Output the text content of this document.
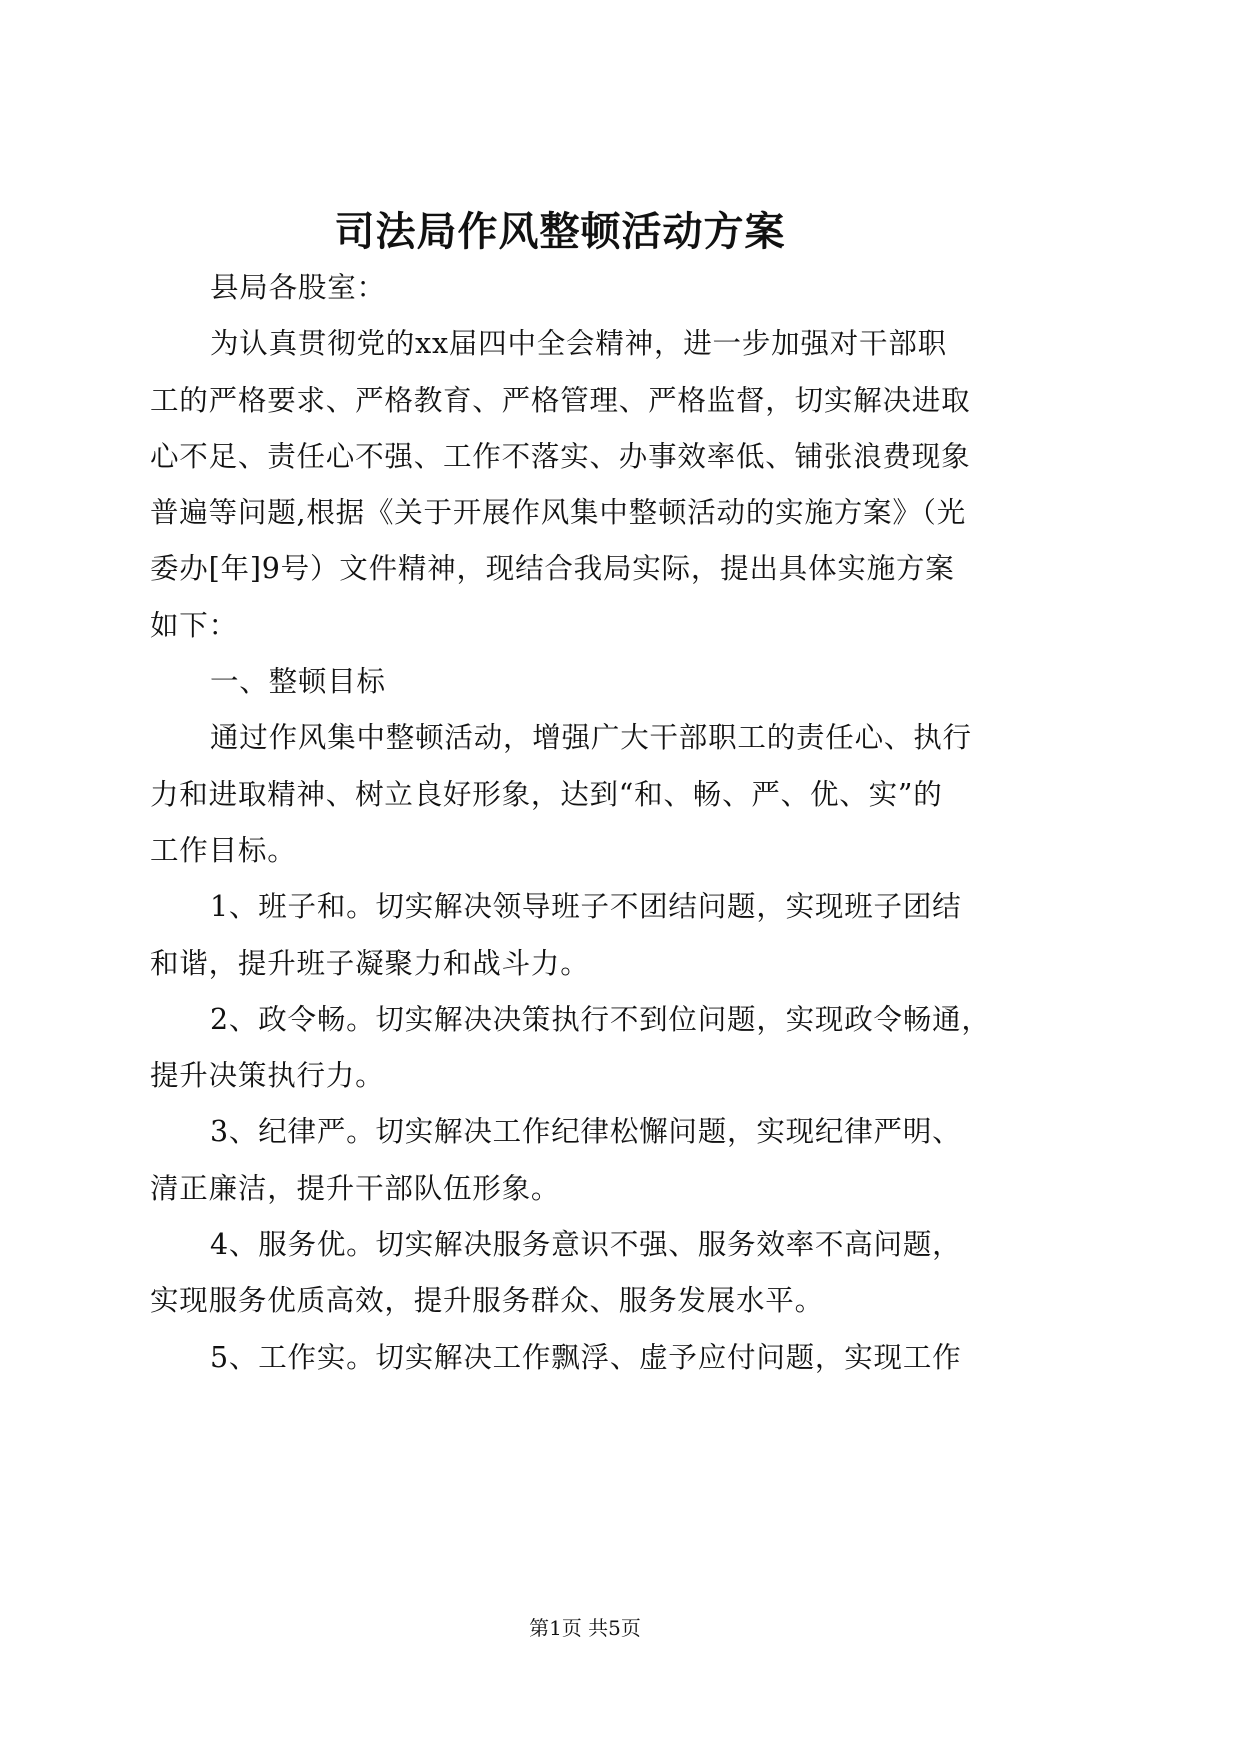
司法局作风整顿活动方案
县局各股室：
为认真贯彻党的xx届四中全会精神，进一步加强对干部职
工的严格要求、严格教育、严格管理、严格监督，切实解决进取
心不足、责任心不强、工作不落实、办事效率低、铺张浪费现象
普遍等问题,根据《关于开展作风集中整顿活动的实施方案》（光
委办[年]9号）文件精神，现结合我局实际，提出具体实施方案
如下：
一、整顿目标
通过作风集中整顿活动，增强广大干部职工的责任心、执行
力和进取精神、树立良好形象，达到“和、畅、严、优、实”的
工作目标。
1、班子和。切实解决领导班子不团结问题，实现班子团结
和谐，提升班子凝聚力和战斗力。
2、政令畅。切实解决决策执行不到位问题，实现政令畅通，
提升决策执行力。
3、纪律严。切实解决工作纪律松懈问题，实现纪律严明、
清正廉洁，提升干部队伍形象。
4、服务优。切实解决服务意识不强、服务效率不高问题，
实现服务优质高效，提升服务群众、服务发展水平。
5、工作实。切实解决工作飘浮、虚予应付问题，实现工作
第1页 共5页
